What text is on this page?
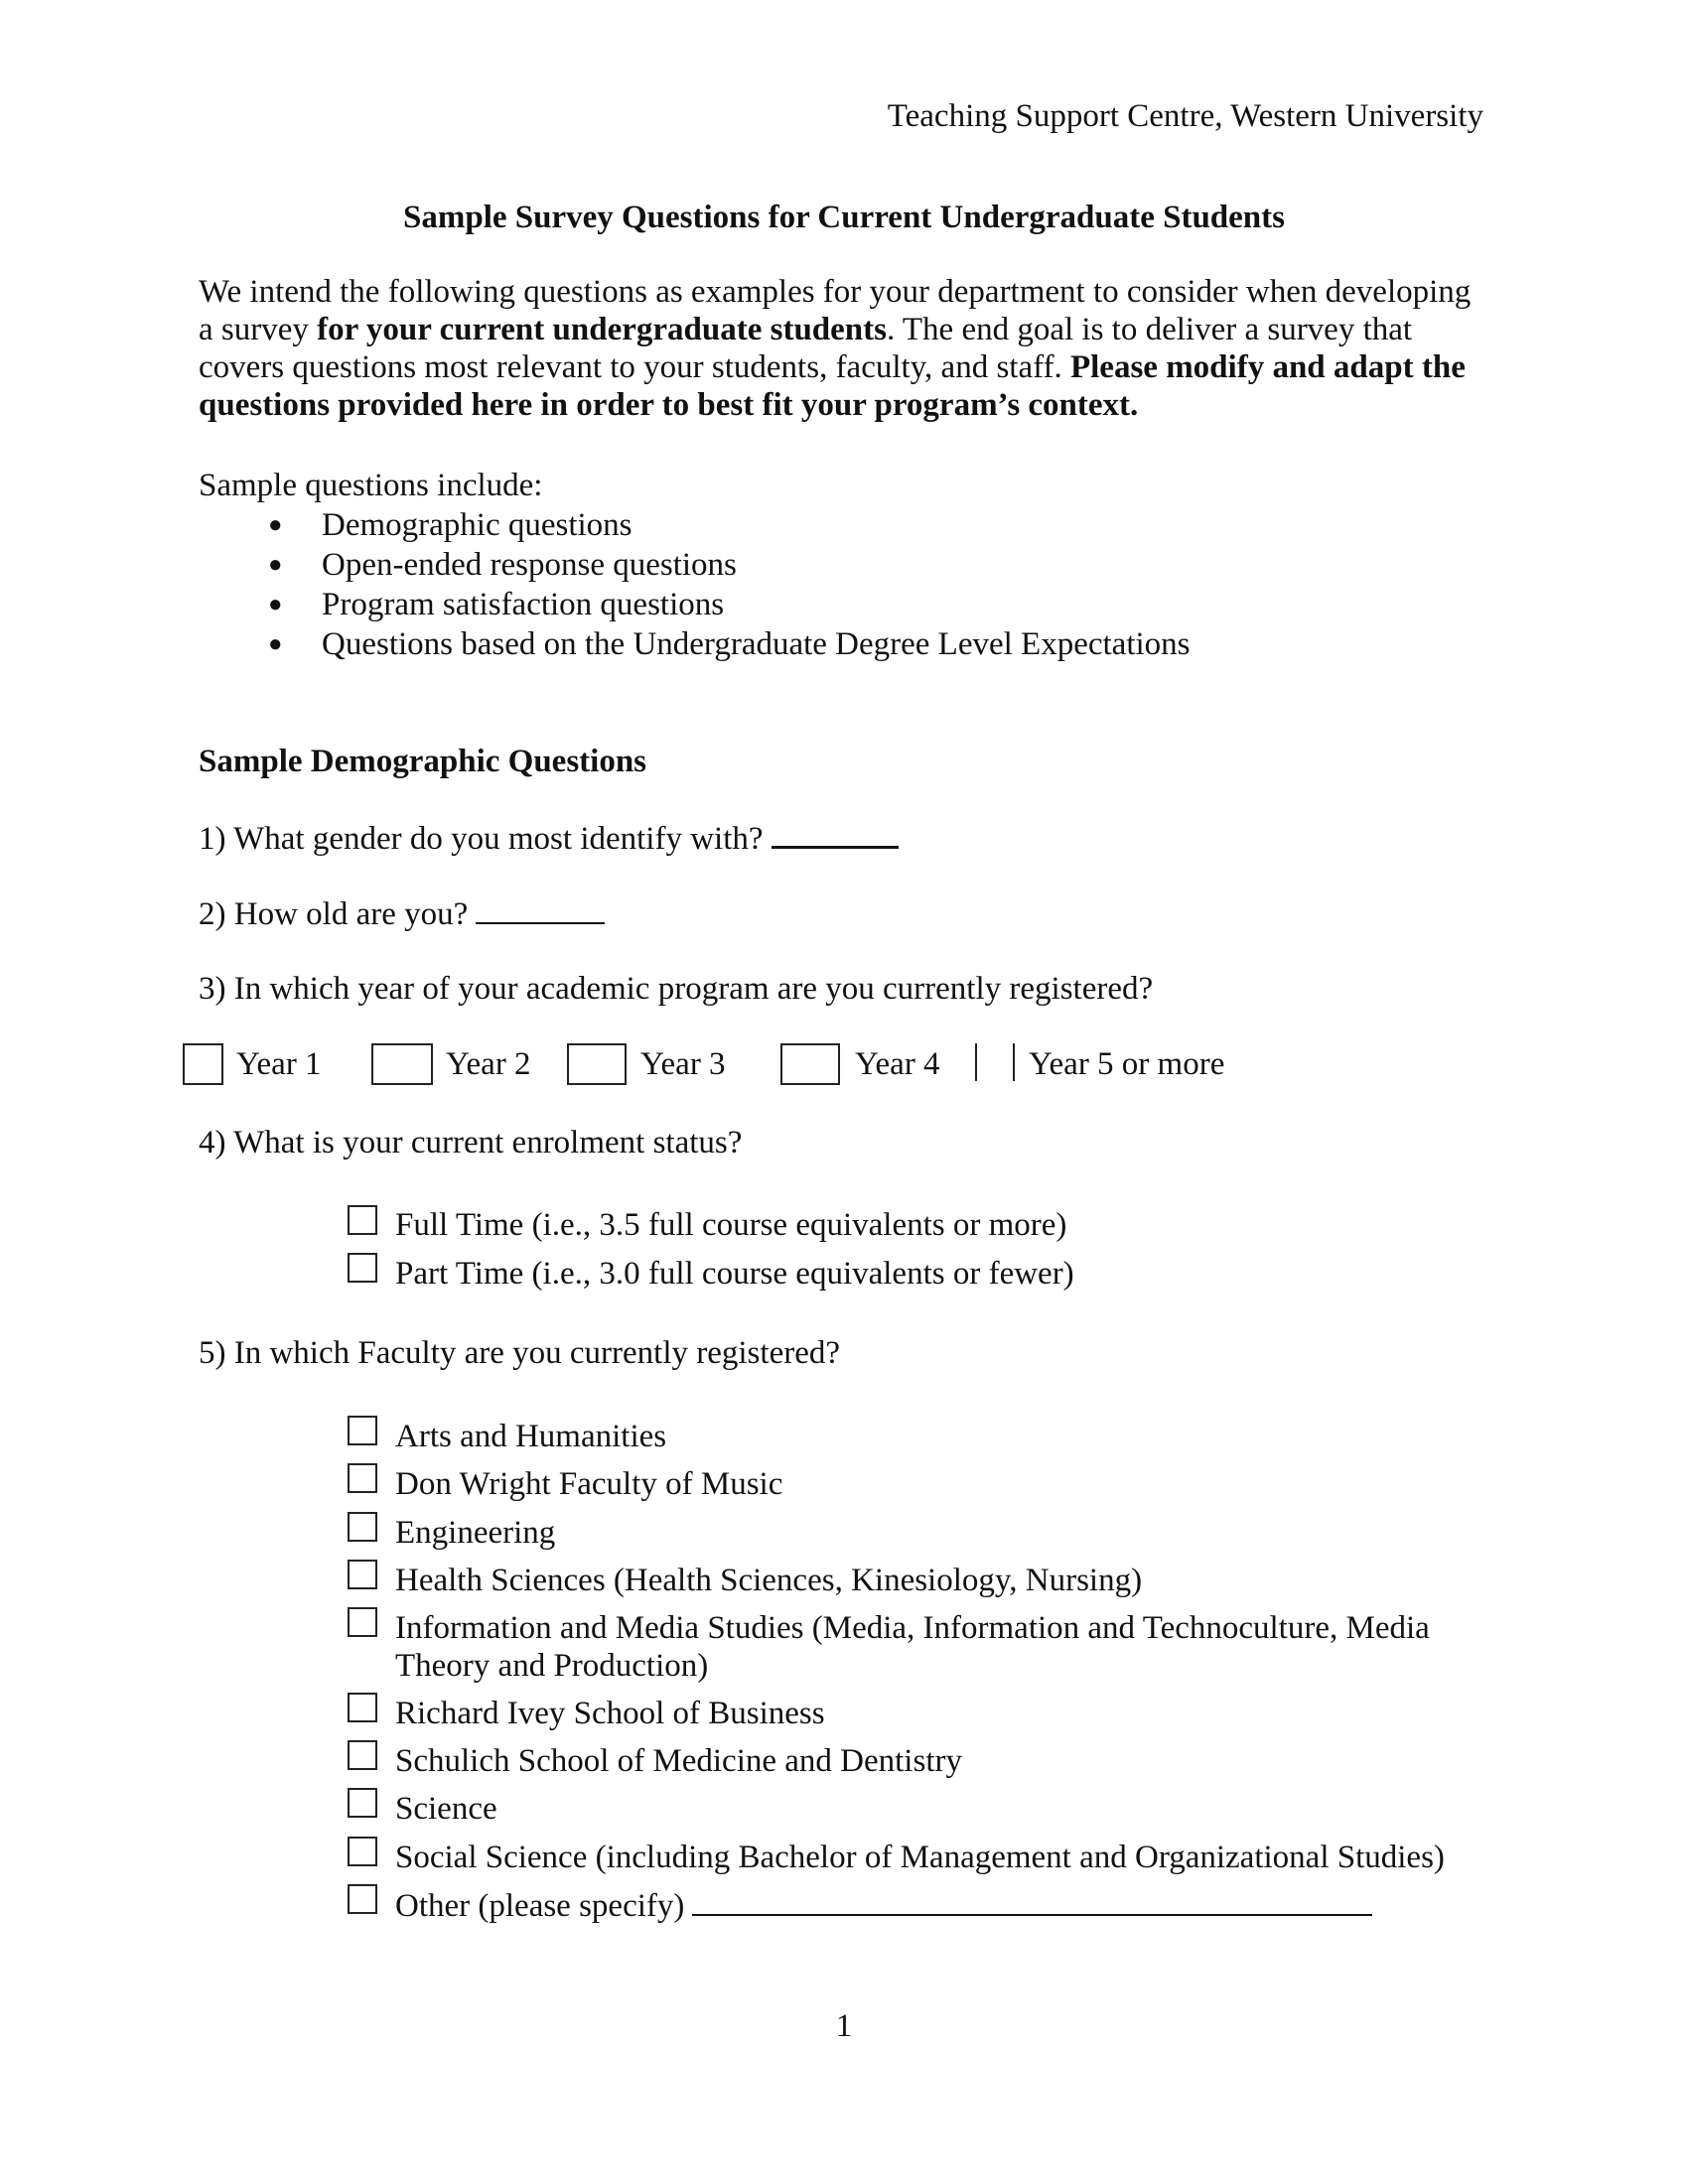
Teaching Support Centre, Western University
Sample Survey Questions for Current Undergraduate Students
We intend the following questions as examples for your department to consider when developing a survey for your current undergraduate students. The end goal is to deliver a survey that covers questions most relevant to your students, faculty, and staff. Please modify and adapt the questions provided here in order to best fit your program’s context.
Sample questions include:
●	Demographic questions
●	Open-ended response questions
●	Program satisfaction questions
●	Questions based on the Undergraduate Degree Level Expectations
Sample Demographic Questions
1) What gender do you most identify with?
2) How old are you?
3) In which year of your academic program are you currently registered?
Year 1	Year 2	Year 3	Year 4	Year 5 or more
4) What is your current enrolment status?
Full Time (i.e., 3.5 full course equivalents or more)
Part Time (i.e., 3.0 full course equivalents or fewer)
5) In which Faculty are you currently registered?
Arts and Humanities
Don Wright Faculty of Music
Engineering
Health Sciences (Health Sciences, Kinesiology, Nursing)
Information and Media Studies (Media, Information and Technoculture, Media
Theory and Production)
Richard Ivey School of Business
Schulich School of Medicine and Dentistry
Science
Social Science (including Bachelor of Management and Organizational Studies)
Other (please specify)
1
